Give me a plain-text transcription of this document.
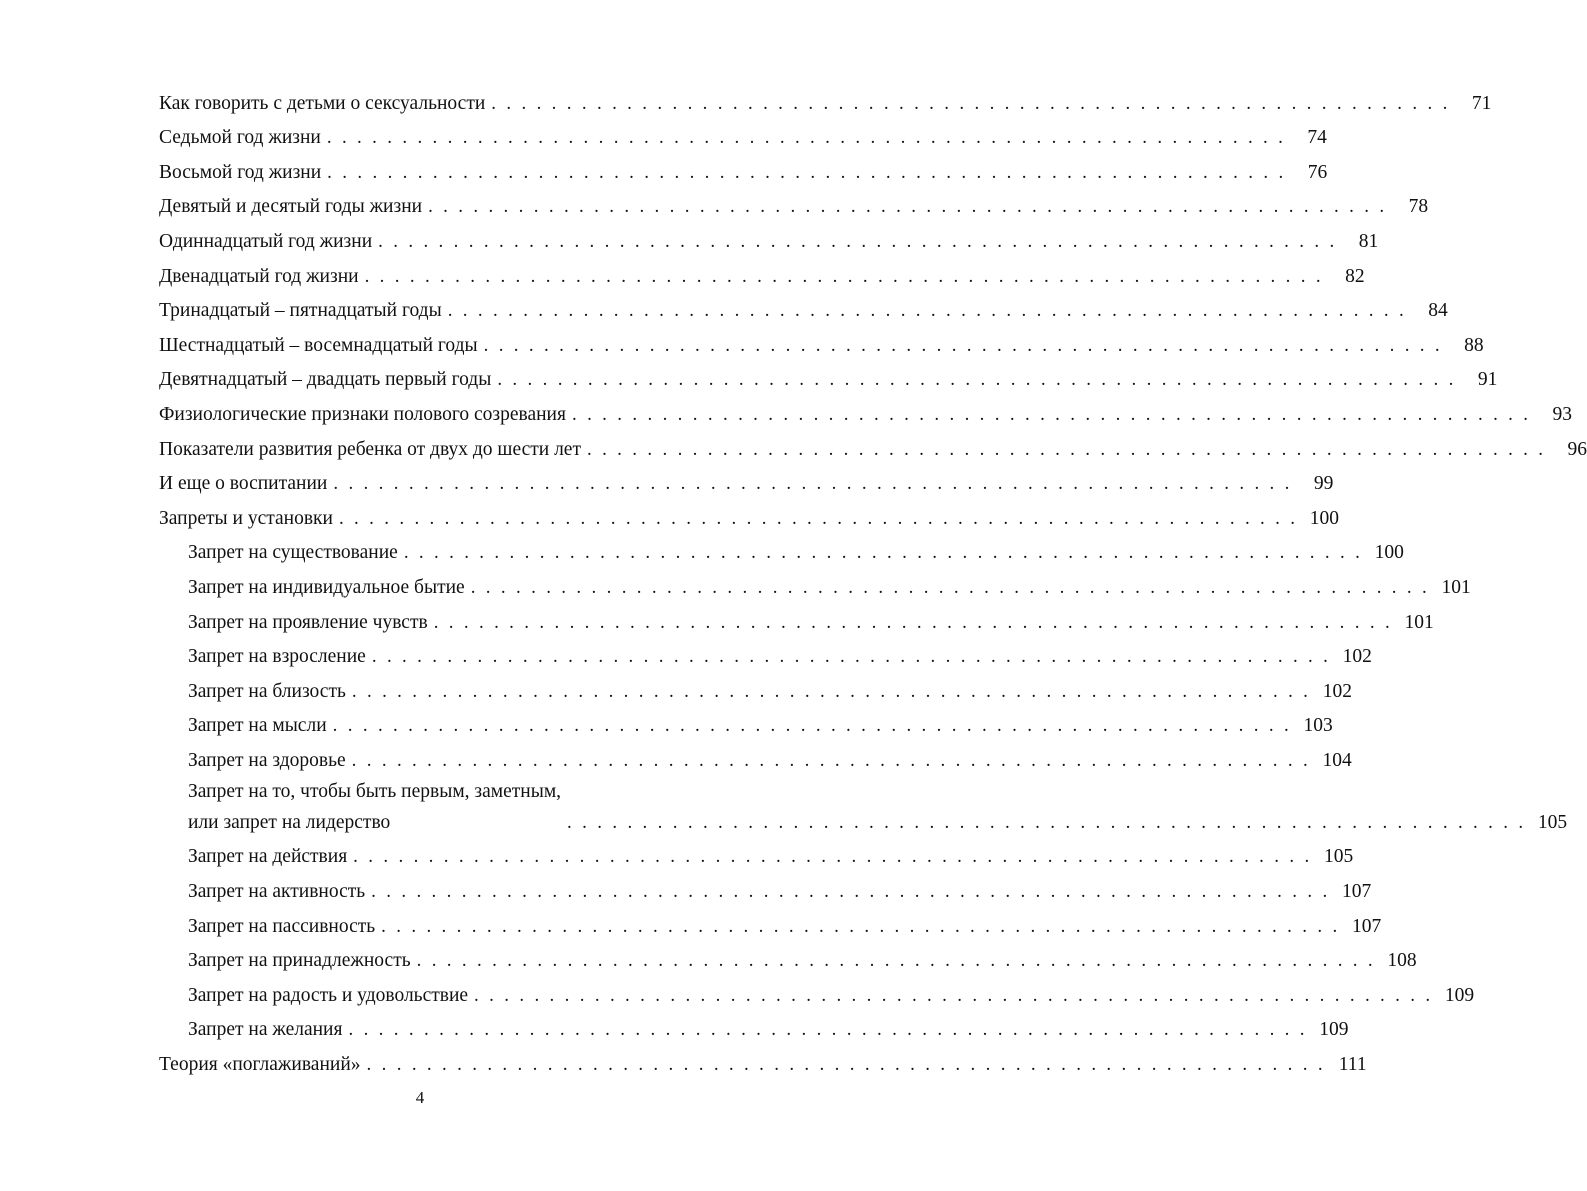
Как говорить с детьми о сексуальности . . .	71
Седьмой год жизни . . .	74
Восьмой год жизни . . .	76
Девятый и десятый годы жизни . . .	78
Одиннадцатый год жизни . . .	81
Двенадцатый год жизни . . .	82
Тринадцатый – пятнадцатый годы . . .	84
Шестнадцатый – восемнадцатый годы . . .	88
Девятнадцатый – двадцать первый годы . . .	91
Физиологические признаки полового созревания . . .	93
Показатели развития ребенка от двух до шести лет . . .	96
И еще о воспитании . . .	99
Запреты и установки . . .	100
Запрет на существование . . .	100
Запрет на индивидуальное бытие . . .	101
Запрет на проявление чувств . . .	101
Запрет на взросление . . .	102
Запрет на близость . . .	102
Запрет на мысли . . .	103
Запрет на здоровье . . .	104
Запрет на то, чтобы быть первым, заметным,
или запрет на лидерство . . .	105
Запрет на действия . . .	105
Запрет на активность . . .	107
Запрет на пассивность . . .	107
Запрет на принадлежность . . .	108
Запрет на радость и удовольствие . . .	109
Запрет на желания . . .	109
Теория «поглаживаний» . . .	111
4
